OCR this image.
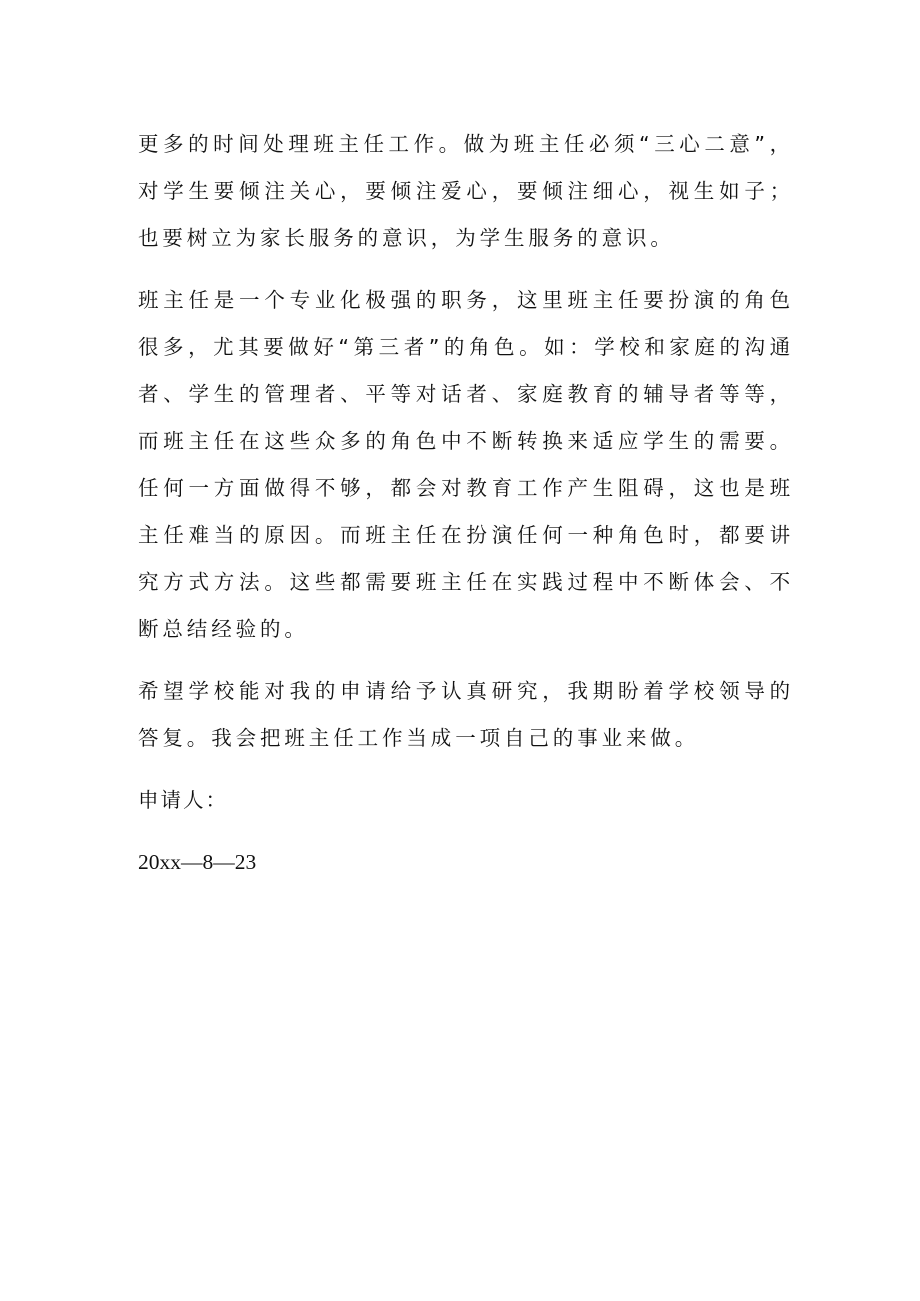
更多的时间处理班主任工作。做为班主任必须“三心二意”，对学生要倾注关心，要倾注爱心，要倾注细心，视生如子；也要树立为家长服务的意识，为学生服务的意识。

班主任是一个专业化极强的职务，这里班主任要扮演的角色很多，尤其要做好“第三者”的角色。如：学校和家庭的沟通者、学生的管理者、平等对话者、家庭教育的辅导者等等，而班主任在这些众多的角色中不断转换来适应学生的需要。任何一方面做得不够，都会对教育工作产生阻碍，这也是班主任难当的原因。而班主任在扮演任何一种角色时，都要讲究方式方法。这些都需要班主任在实践过程中不断体会、不断总结经验的。

希望学校能对我的申请给予认真研究，我期盼着学校领导的答复。我会把班主任工作当成一项自己的事业来做。

申请人：

20xx—8—23
